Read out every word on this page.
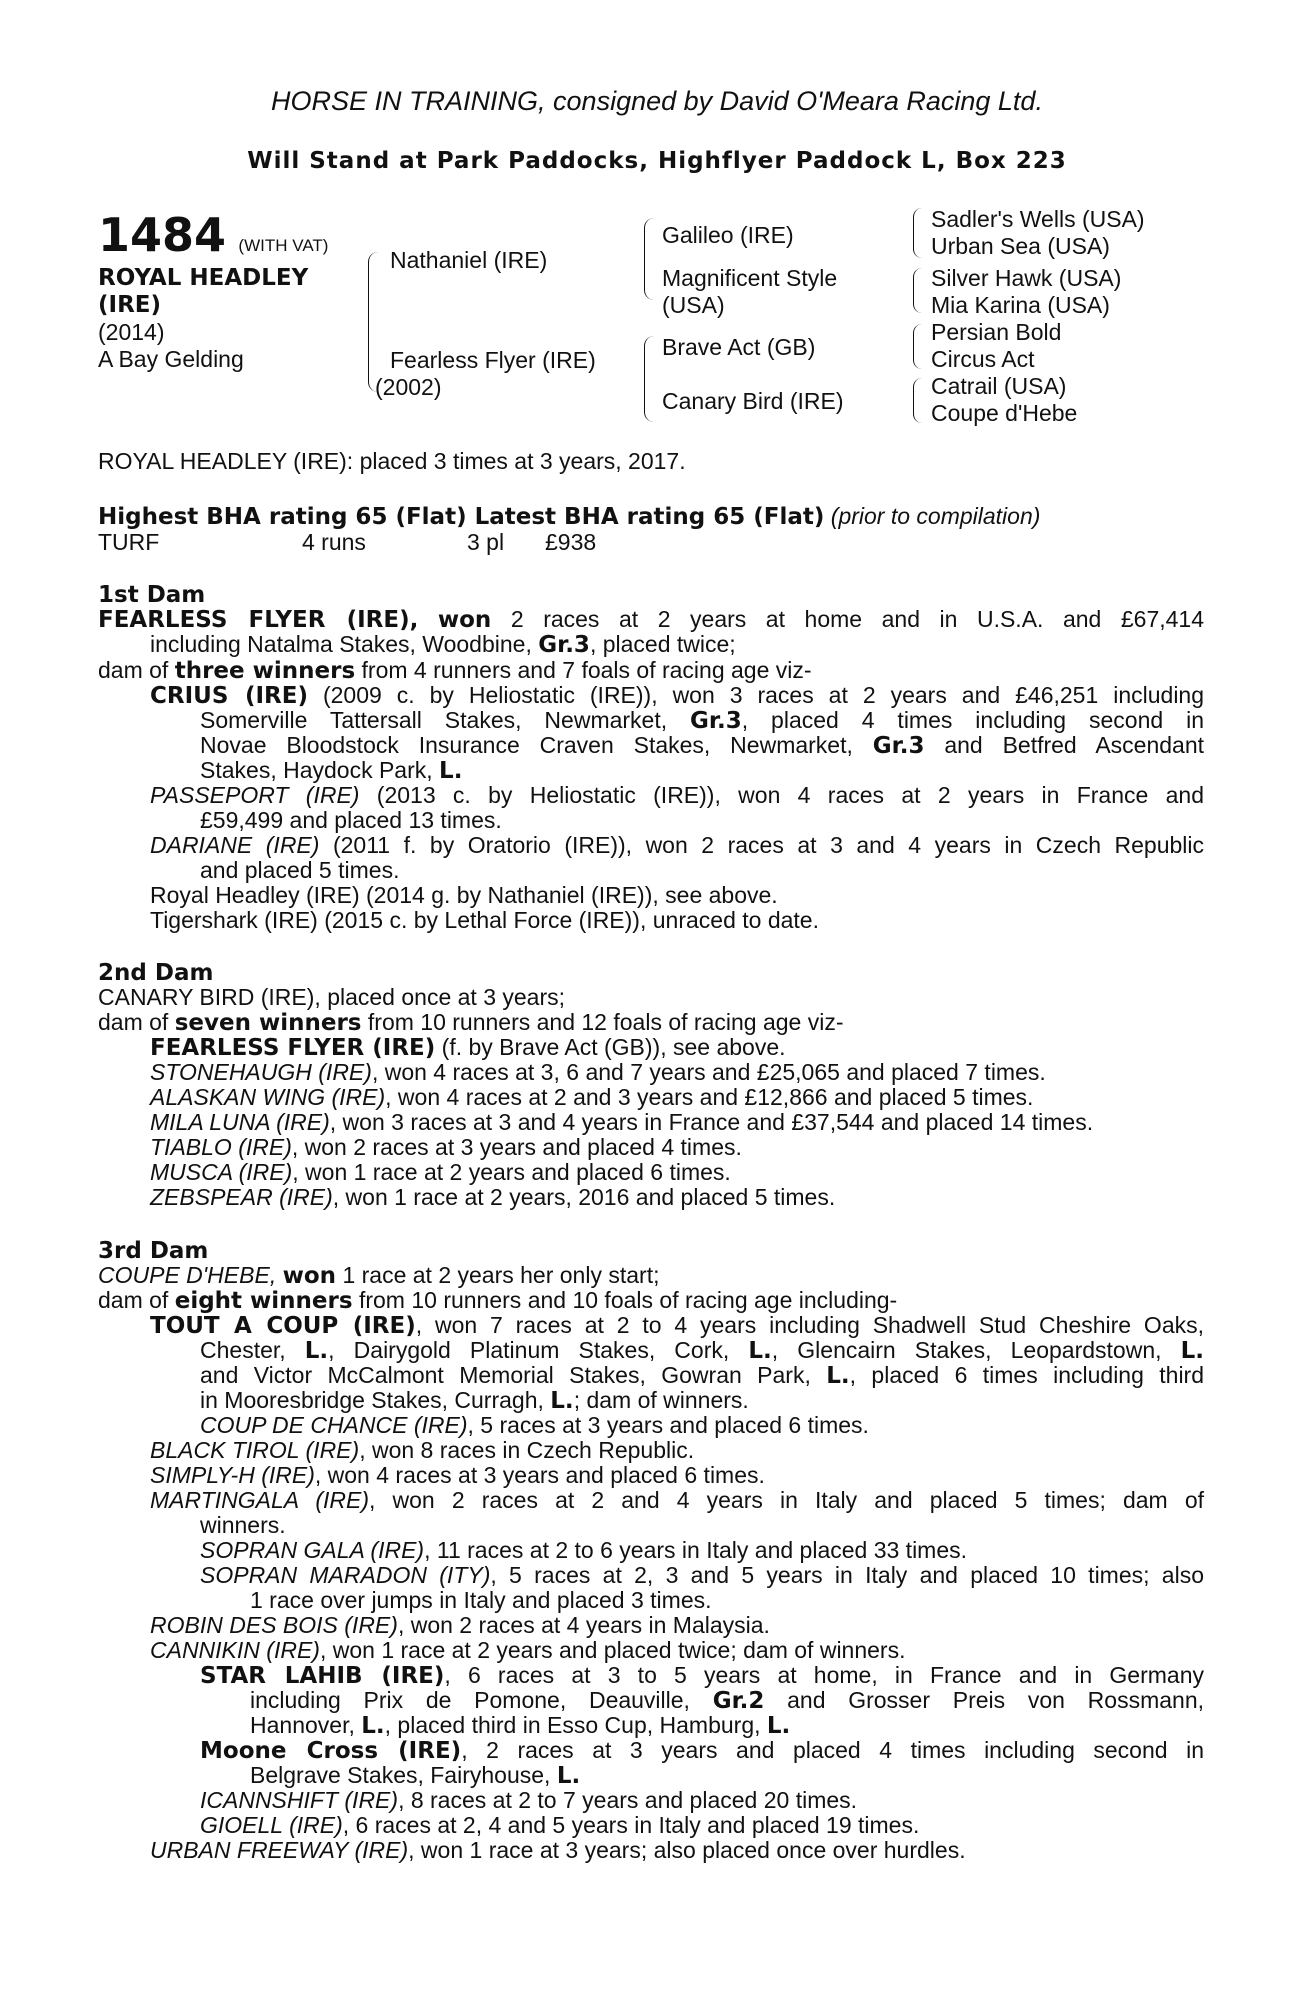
HORSE IN TRAINING, consigned by David O'Meara Racing Ltd.
Will Stand at Park Paddocks, Highflyer Paddock L, Box 223
1484 (WITH VAT)
ROYAL HEADLEY
(IRE)
(2014)
A Bay Gelding
Nathaniel (IRE)
Fearless Flyer (IRE)
(2002)
Galileo (IRE)
Magnificent Style
(USA)
Brave Act (GB)
Canary Bird (IRE)
Sadler's Wells (USA)
Urban Sea (USA)
Silver Hawk (USA)
Mia Karina (USA)
Persian Bold
Circus Act
Catrail (USA)
Coupe d'Hebe
ROYAL HEADLEY (IRE): placed 3 times at 3 years, 2017.
Highest BHA rating 65 (Flat) Latest BHA rating 65 (Flat) (prior to compilation)
TURF	4 runs	3 pl £938
1st Dam
FEARLESS FLYER (IRE), won 2 races at 2 years at home and in U.S.A. and £67,414
including Natalma Stakes, Woodbine, Gr.3, placed twice;
dam of three winners from 4 runners and 7 foals of racing age viz-
CRIUS (IRE) (2009 c. by Heliostatic (IRE)), won 3 races at 2 years and £46,251 including
Somerville Tattersall Stakes, Newmarket, Gr.3, placed 4 times including second in
Novae Bloodstock Insurance Craven Stakes, Newmarket, Gr.3 and Betfred Ascendant
Stakes, Haydock Park, L.
PASSEPORT (IRE) (2013 c. by Heliostatic (IRE)), won 4 races at 2 years in France and
£59,499 and placed 13 times.
DARIANE (IRE) (2011 f. by Oratorio (IRE)), won 2 races at 3 and 4 years in Czech Republic
and placed 5 times.
Royal Headley (IRE) (2014 g. by Nathaniel (IRE)), see above.
Tigershark (IRE) (2015 c. by Lethal Force (IRE)), unraced to date.
2nd Dam
CANARY BIRD (IRE), placed once at 3 years;
dam of seven winners from 10 runners and 12 foals of racing age viz-
FEARLESS FLYER (IRE) (f. by Brave Act (GB)), see above.
STONEHAUGH (IRE), won 4 races at 3, 6 and 7 years and £25,065 and placed 7 times.
ALASKAN WING (IRE), won 4 races at 2 and 3 years and £12,866 and placed 5 times.
MILA LUNA (IRE), won 3 races at 3 and 4 years in France and £37,544 and placed 14 times.
TIABLO (IRE), won 2 races at 3 years and placed 4 times.
MUSCA (IRE), won 1 race at 2 years and placed 6 times.
ZEBSPEAR (IRE), won 1 race at 2 years, 2016 and placed 5 times.
3rd Dam
COUPE D'HEBE, won 1 race at 2 years her only start;
dam of eight winners from 10 runners and 10 foals of racing age including-
TOUT A COUP (IRE), won 7 races at 2 to 4 years including Shadwell Stud Cheshire Oaks,
Chester, L., Dairygold Platinum Stakes, Cork, L., Glencairn Stakes, Leopardstown, L.
and Victor McCalmont Memorial Stakes, Gowran Park, L., placed 6 times including third
in Mooresbridge Stakes, Curragh, L.; dam of winners.
COUP DE CHANCE (IRE), 5 races at 3 years and placed 6 times.
BLACK TIROL (IRE), won 8 races in Czech Republic.
SIMPLY-H (IRE), won 4 races at 3 years and placed 6 times.
MARTINGALA (IRE), won 2 races at 2 and 4 years in Italy and placed 5 times; dam of
winners.
SOPRAN GALA (IRE), 11 races at 2 to 6 years in Italy and placed 33 times.
SOPRAN MARADON (ITY), 5 races at 2, 3 and 5 years in Italy and placed 10 times; also
1 race over jumps in Italy and placed 3 times.
ROBIN DES BOIS (IRE), won 2 races at 4 years in Malaysia.
CANNIKIN (IRE), won 1 race at 2 years and placed twice; dam of winners.
STAR LAHIB (IRE), 6 races at 3 to 5 years at home, in France and in Germany
including Prix de Pomone, Deauville, Gr.2 and Grosser Preis von Rossmann,
Hannover, L., placed third in Esso Cup, Hamburg, L.
Moone Cross (IRE), 2 races at 3 years and placed 4 times including second in
Belgrave Stakes, Fairyhouse, L.
ICANNSHIFT (IRE), 8 races at 2 to 7 years and placed 20 times.
GIOELL (IRE), 6 races at 2, 4 and 5 years in Italy and placed 19 times.
URBAN FREEWAY (IRE), won 1 race at 3 years; also placed once over hurdles.
